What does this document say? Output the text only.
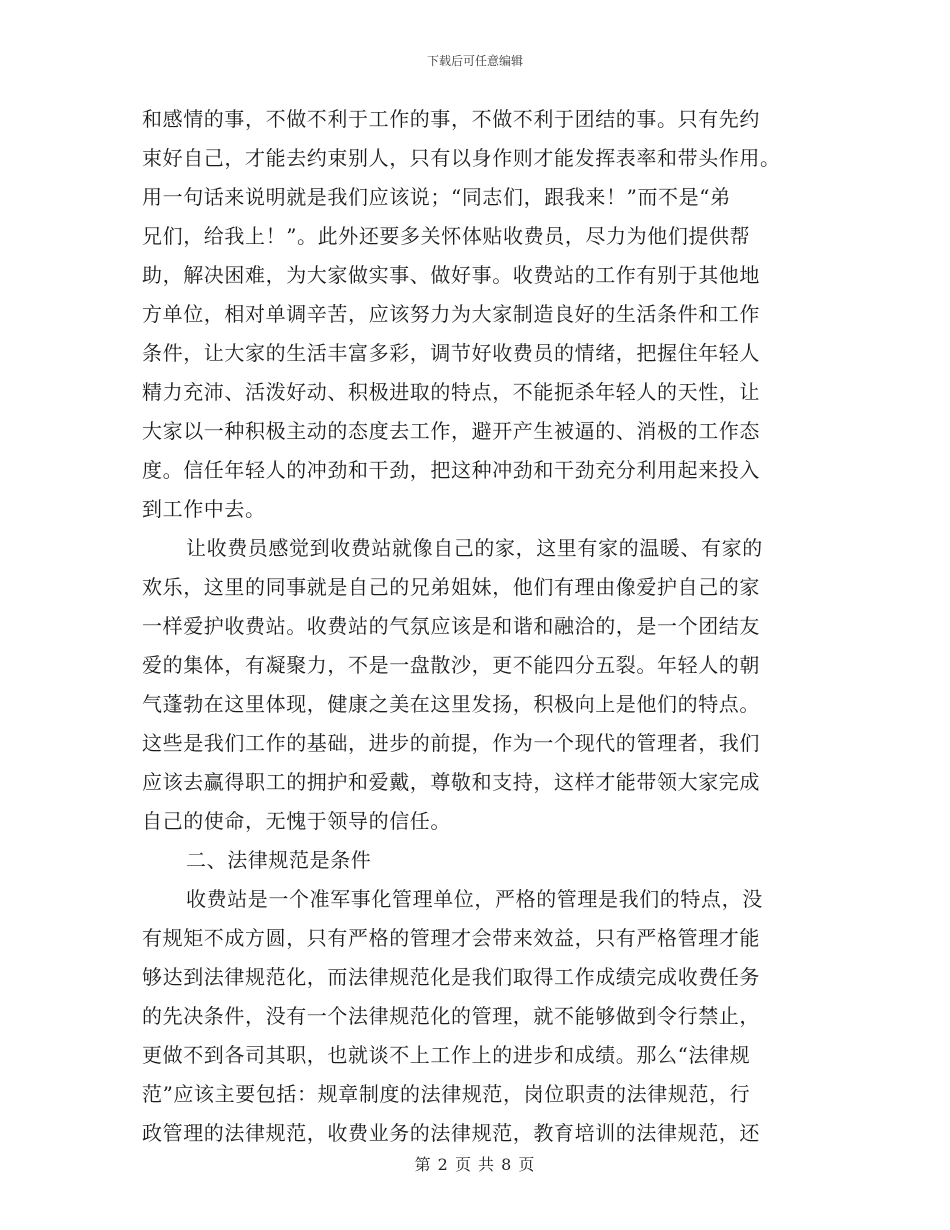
下载后可任意编辑
和感情的事，不做不利于工作的事，不做不利于团结的事。只有先约
束好自己，才能去约束别人，只有以身作则才能发挥表率和带头作用。
用一句话来说明就是我们应该说；“同志们，跟我来！”而不是“弟
兄们，给我上！”。此外还要多关怀体贴收费员，尽力为他们提供帮
助，解决困难，为大家做实事、做好事。收费站的工作有别于其他地
方单位，相对单调辛苦，应该努力为大家制造良好的生活条件和工作
条件，让大家的生活丰富多彩，调节好收费员的情绪，把握住年轻人
精力充沛、活泼好动、积极进取的特点，不能扼杀年轻人的天性，让
大家以一种积极主动的态度去工作，避开产生被逼的、消极的工作态
度。信任年轻人的冲劲和干劲，把这种冲劲和干劲充分利用起来投入
到工作中去。
让收费员感觉到收费站就像自己的家，这里有家的温暖、有家的
欢乐，这里的同事就是自己的兄弟姐妹，他们有理由像爱护自己的家
一样爱护收费站。收费站的气氛应该是和谐和融洽的，是一个团结友
爱的集体，有凝聚力，不是一盘散沙，更不能四分五裂。年轻人的朝
气蓬勃在这里体现，健康之美在这里发扬，积极向上是他们的特点。
这些是我们工作的基础，进步的前提，作为一个现代的管理者，我们
应该去赢得职工的拥护和爱戴，尊敬和支持，这样才能带领大家完成
自己的使命，无愧于领导的信任。
二、法律规范是条件
收费站是一个准军事化管理单位，严格的管理是我们的特点，没
有规矩不成方圆，只有严格的管理才会带来效益，只有严格管理才能
够达到法律规范化，而法律规范化是我们取得工作成绩完成收费任务
的先决条件，没有一个法律规范化的管理，就不能够做到令行禁止，
更做不到各司其职，也就谈不上工作上的进步和成绩。那么“法律规
范”应该主要包括：规章制度的法律规范，岗位职责的法律规范，行
政管理的法律规范，收费业务的法律规范，教育培训的法律规范，还
第 2 页 共 8 页
